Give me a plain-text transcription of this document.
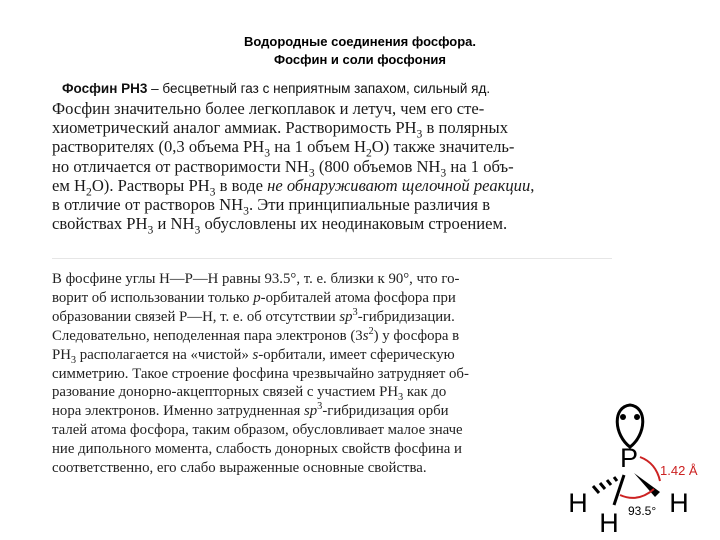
Водородные соединения фосфора.
Фосфин и соли фосфония
Фосфин PH3 – бесцветный газ с неприятным запахом, сильный яд.
Фосфин значительно более легкоплавок и летуч, чем его сте-
хиометрический аналог аммиак. Растворимость $PH_3$ в полярных
растворителях (0,3 объема $PH_3$ на 1 объем $H_2O$) также значитель-
но отличается от растворимости $NH_3$ (800 объемов $NH_3$ на 1 объ-
ем $H_2O$). Растворы $PH_3$ в воде не обнаруживают щелочной реакции,
в отличие от растворов $NH_3$. Эти принципиальные различия в
свойствах $PH_3$ и $NH_3$ обусловлены их неодинаковым строением.
В фосфине углы H—P—H равны 93.5°, т. е. близки к 90°, что го-
ворит об использовании только p-орбиталей атома фосфора при
образовании связей P—H, т. е. об отсутствии $sp^3$-гибридизации.
Следовательно, неподеленная пара электронов $(3s^2)$ у фосфора в
$PH_3$ располагается на «чистой» s-орбитали, имеет сферическую
симметрию. Такое строение фосфина чрезвычайно затрудняет об-
разование донорно-акцепторных связей с участием $PH_3$ как до
нора электронов. Именно затрудненная $sp^3$-гибридизация орби
талей атома фосфора, таким образом, обусловливает малое значе
ние дипольного момента, слабость донорных свойств фосфина и
соответственно, его слабо выраженные основные свойства.	P 1.42 Å
H
H
H
93.5°
